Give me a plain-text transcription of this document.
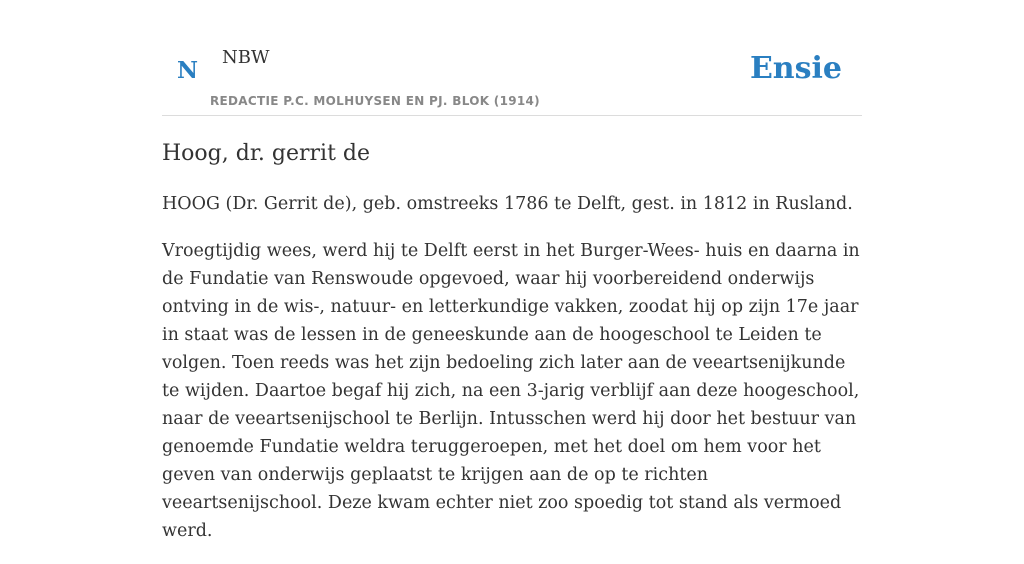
N NBW
REDACTIE P.C. MOLHUYSEN EN PJ. BLOK (1914)
Ensie
Hoog, dr. gerrit de

HOOG (Dr. Gerrit de), geb. omstreeks 1786 te Delft, gest. in 1812 in Rusland.

Vroegtijdig wees, werd hij te Delft eerst in het Burger-Wees- huis en daarna in de Fundatie van Renswoude opgevoed, waar hij voorbereidend onderwijs ontving in de wis-, natuur- en letterkundige vakken, zoodat hij op zijn 17e jaar in staat was de lessen in de geneeskunde aan de hoogeschool te Leiden te volgen. Toen reeds was het zijn bedoeling zich later aan de veeartsenijkunde te wijden. Daartoe begaf hij zich, na een 3-jarig verblijf aan deze hoogeschool, naar de veeartsenijschool te Berlijn. Intusschen werd hij door het bestuur van genoemde Fundatie weldra teruggeroepen, met het doel om hem voor het geven van onderwijs geplaatst te krijgen aan de op te richten veeartsenijschool. Deze kwam echter niet zoo spoedig tot stand als vermoed werd.
